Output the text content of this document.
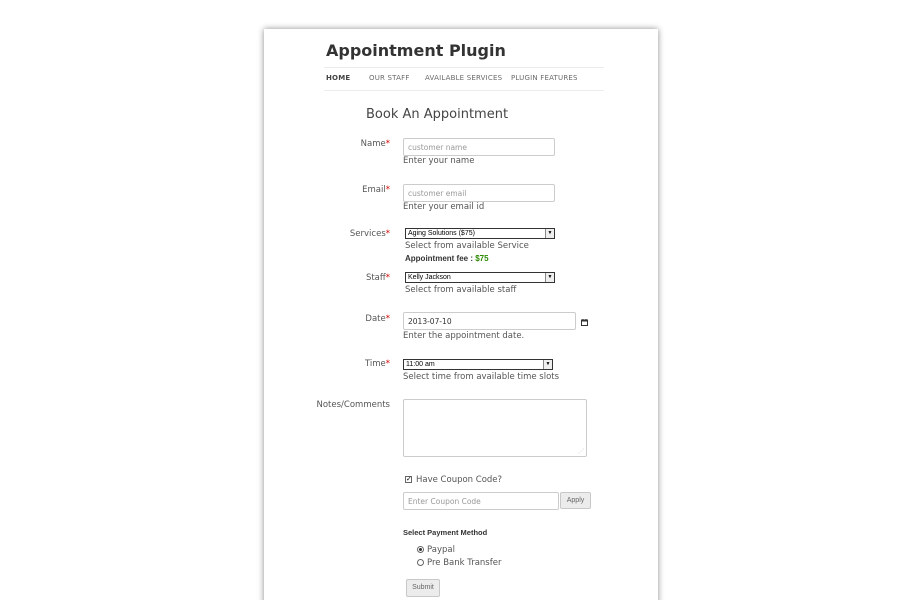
Appointment Plugin
HOME	OUR STAFF AVAILABLE SERVICES PLUGIN FEATURES
Book An Appointment
Name*	customer name
Enter your name
Email*	customer email
Enter your email id
Services*	Aging Solutions ($75)	▼
Select from available Service
Appointment fee : $75
Staff*	Kelly Jackson	▼
Select from available staff
Date*	2013-07-10
Enter the appointment date.
Time*	11:00 am	▼
Select time from available time slots
Notes/Comments
⋰
✓ Have Coupon Code?
Enter Coupon Code	Apply
Select Payment Method
Paypal
Pre Bank Transfer
Submit
